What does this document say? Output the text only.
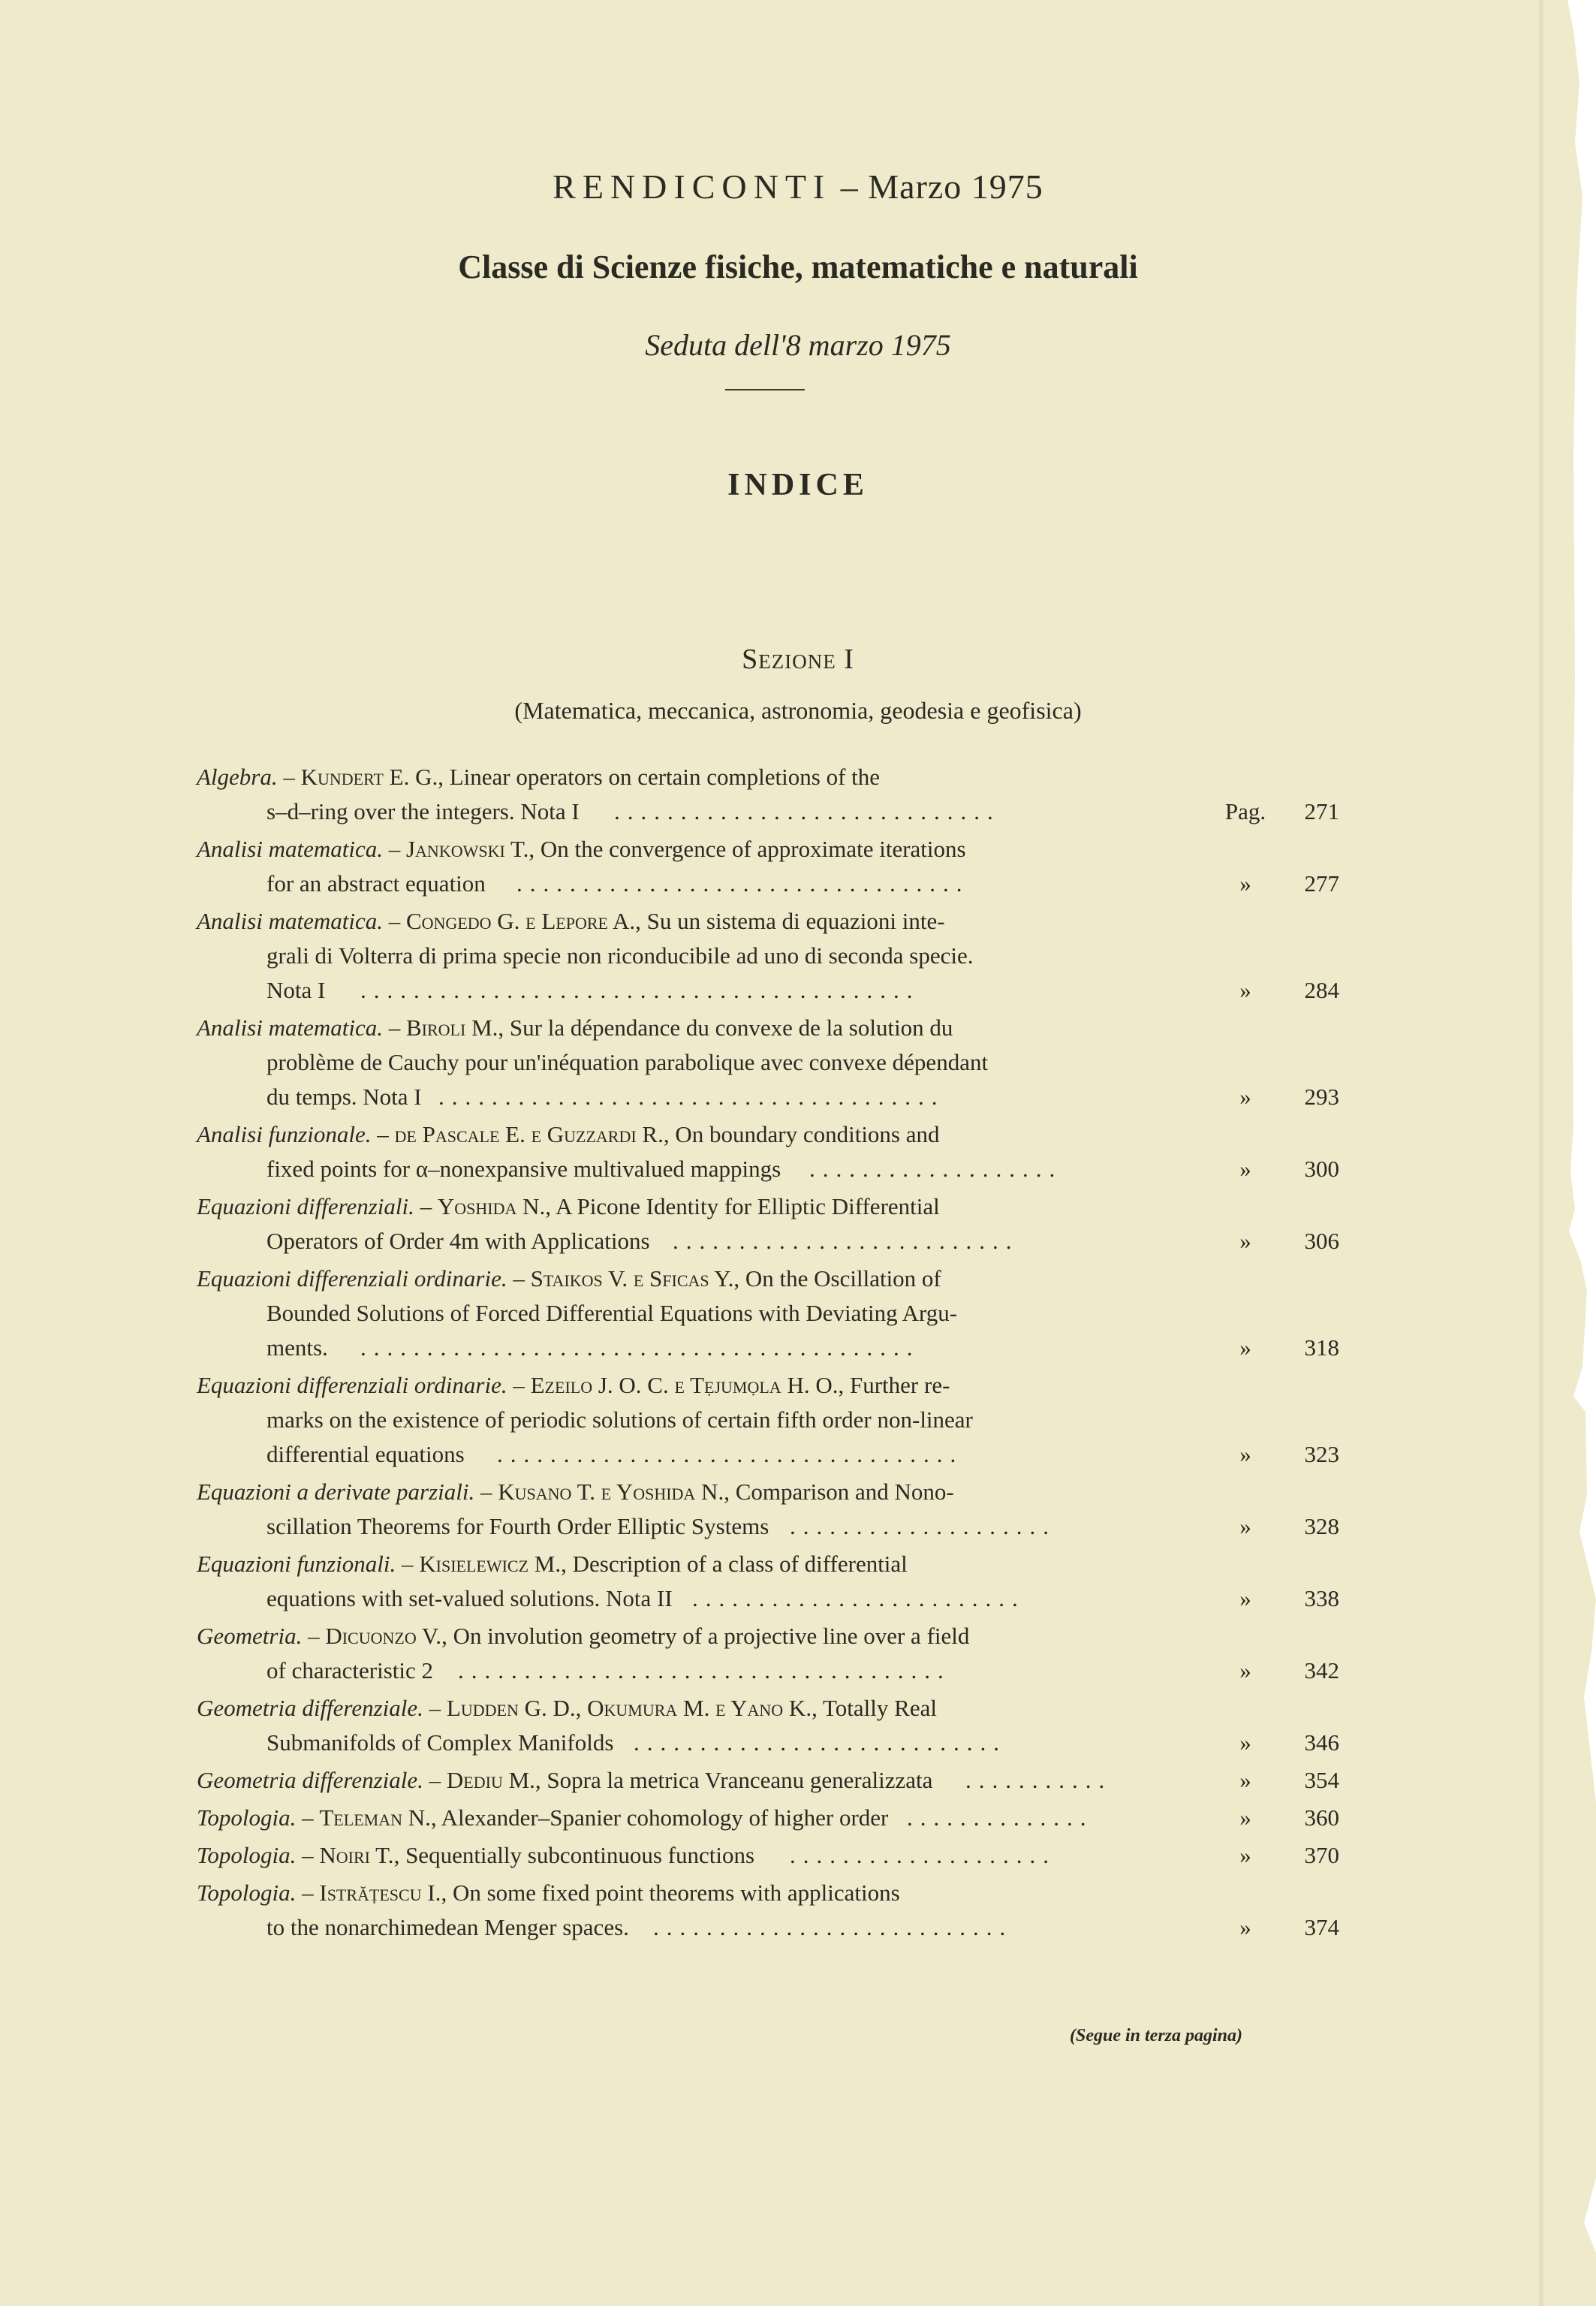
RENDICONTI – Marzo 1975
Classe di Scienze fisiche, matematiche e naturali
Seduta dell'8 marzo 1975
INDICE
Sezione I
(Matematica, meccanica, astronomia, geodesia e geofisica)
Algebra. – Kundert E. G., Linear operators on certain completions of the
s–d–ring over the integers. Nota I .............................	Pag.	271
Analisi matematica. – Jankowski T., On the convergence of approximate iterations
for an abstract equation ..................................	»	277
Analisi matematica. – Congedo G. e Lepore A., Su un sistema di equazioni inte-
grali di Volterra di prima specie non riconducibile ad uno di seconda specie.
Nota I ..........................................	»	284
Analisi matematica. – Biroli M., Sur la dépendance du convexe de la solution du
problème de Cauchy pour un'inéquation parabolique avec convexe dépendant
du temps. Nota I ......................................	»	293
Analisi funzionale. – de Pascale E. e Guzzardi R., On boundary conditions and
fixed points for α–nonexpansive multivalued mappings ...................	»	300
Equazioni differenziali. – Yoshida N., A Picone Identity for Elliptic Differential
Operators of Order 4m with Applications ..........................	»	306
Equazioni differenziali ordinarie. – Staikos V. e Sficas Y., On the Oscillation of
Bounded Solutions of Forced Differential Equations with Deviating Argu-
ments. ..........................................	»	318
Equazioni differenziali ordinarie. – Ezeilo J. O. C. e Tẹjumọla H. O., Further re-
marks on the existence of periodic solutions of certain fifth order non-linear
differential equations ...................................	»	323
Equazioni a derivate parziali. – Kusano T. e Yoshida N., Comparison and Nono-
scillation Theorems for Fourth Order Elliptic Systems ....................	»	328
Equazioni funzionali. – Kisielewicz M., Description of a class of differential
equations with set-valued solutions. Nota II .........................	»	338
Geometria. – Dicuonzo V., On involution geometry of a projective line over a field
of characteristic 2 .....................................	»	342
Geometria differenziale. – Ludden G. D., Okumura M. e Yano K., Totally Real
Submanifolds of Complex Manifolds ............................	»	346
Geometria differenziale. – Dediu M., Sopra la metrica Vranceanu generalizzata ...........	»	354
Topologia. – Teleman N., Alexander–Spanier cohomology of higher order ..............	»	360
Topologia. – Noiri T., Sequentially subcontinuous functions ....................	»	370
Topologia. – Istrățescu I., On some fixed point theorems with applications
to the nonarchimedean Menger spaces. ...........................	»	374
(Segue in terza pagina)
